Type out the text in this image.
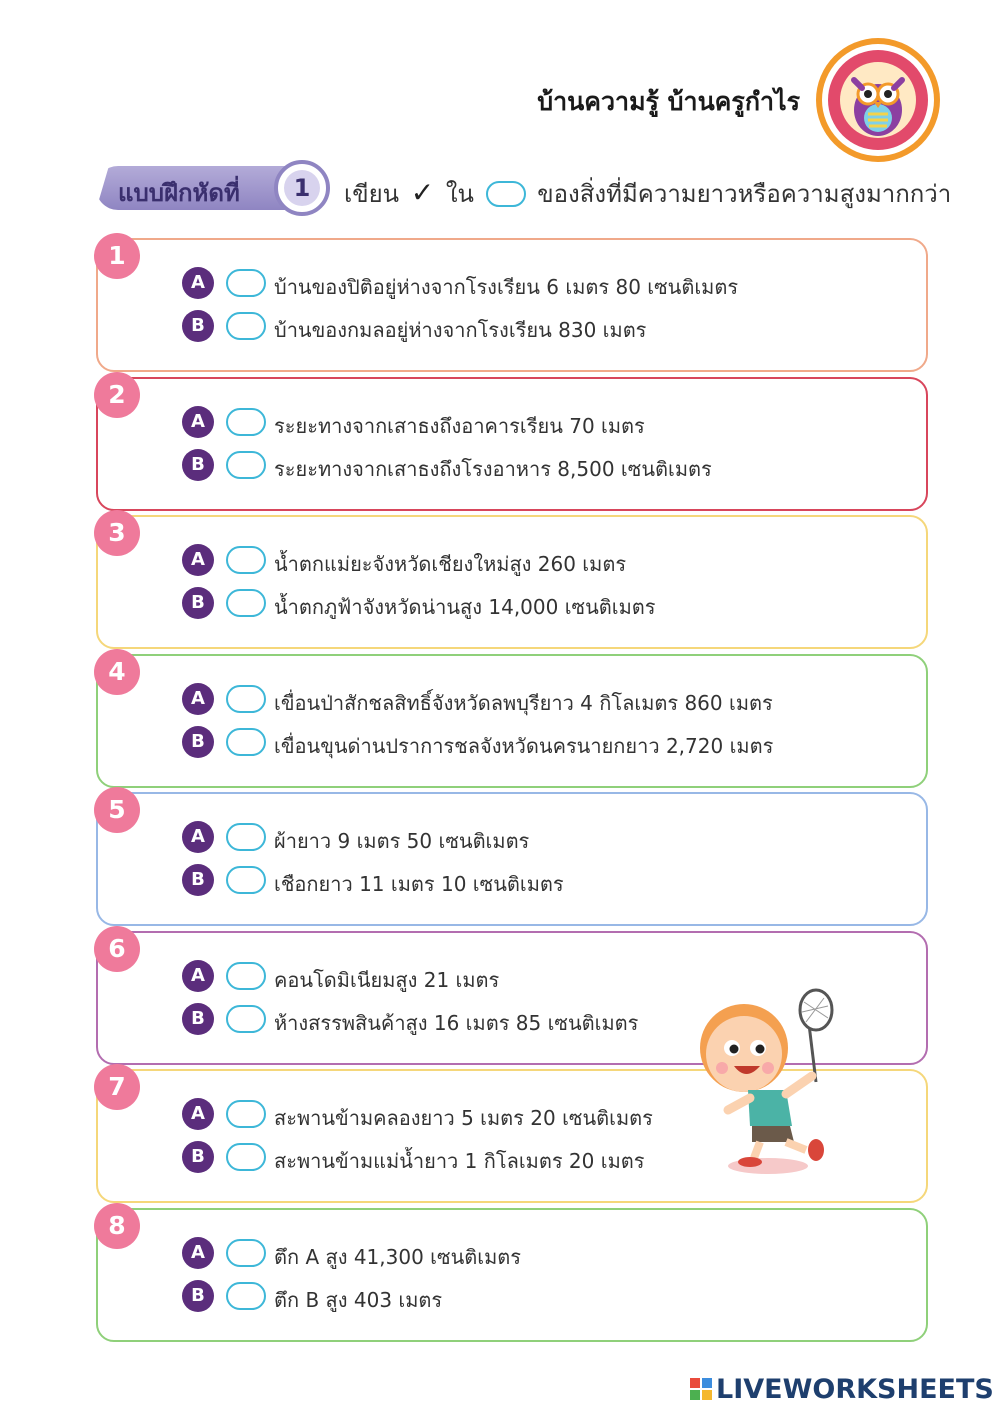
บ้านความรู้ บ้านครูกำไร
แบบฝึกหัดที่	1	เขียน ✓ ใน	ของสิ่งที่มีความยาวหรือความสูงมากกว่า
1
A	บ้านของปิติอยู่ห่างจากโรงเรียน 6 เมตร 80 เซนติเมตร
B	บ้านของกมลอยู่ห่างจากโรงเรียน 830 เมตร
2
A	ระยะทางจากเสาธงถึงอาคารเรียน 70 เมตร
B	ระยะทางจากเสาธงถึงโรงอาหาร 8,500 เซนติเมตร
3
A	น้ำตกแม่ยะจังหวัดเชียงใหม่สูง 260 เมตร
B	น้ำตกภูฟ้าจังหวัดน่านสูง 14,000 เซนติเมตร
4
A	เขื่อนป่าสักชลสิทธิ์จังหวัดลพบุรียาว 4 กิโลเมตร 860 เมตร
B	เขื่อนขุนด่านปราการชลจังหวัดนครนายกยาว 2,720 เมตร
5
A	ผ้ายาว 9 เมตร 50 เซนติเมตร
B	เชือกยาว 11 เมตร 10 เซนติเมตร
6
A	คอนโดมิเนียมสูง 21 เมตร
B	ห้างสรรพสินค้าสูง 16 เมตร 85 เซนติเมตร
7
A	สะพานข้ามคลองยาว 5 เมตร 20 เซนติเมตร
B	สะพานข้ามแม่น้ำยาว 1 กิโลเมตร 20 เมตร
8
A	ตึก A สูง 41,300 เซนติเมตร
B	ตึก B สูง 403 เมตร
LIVEWORKSHEETS
